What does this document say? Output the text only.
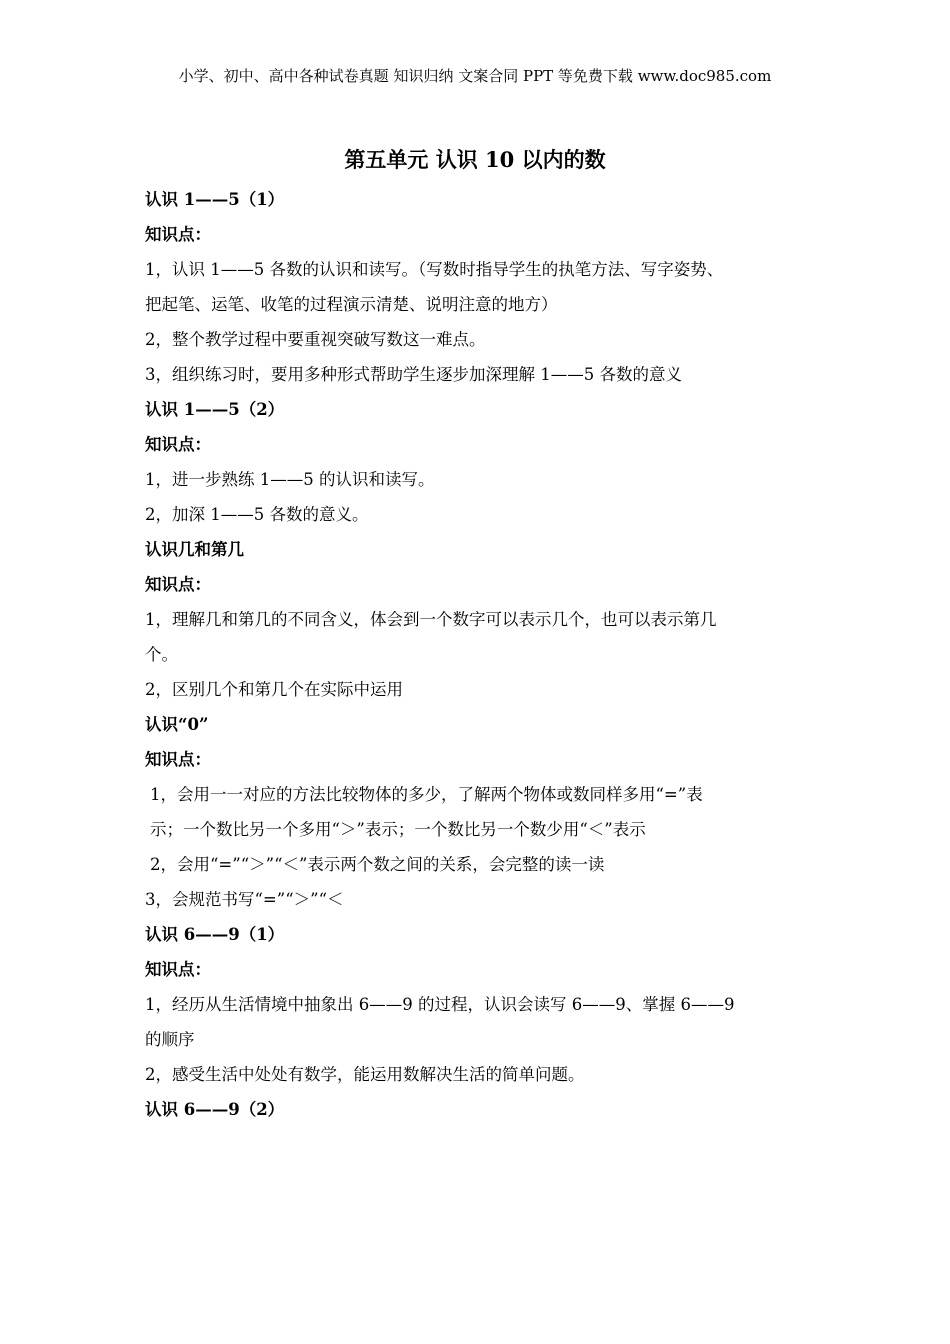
小学、初中、高中各种试卷真题 知识归纳 文案合同 PPT 等免费下载 www.doc985.com
第五单元 认识 10 以内的数
认识 1——5（1）
知识点：
1，认识 1——5 各数的认识和读写。（写数时指导学生的执笔方法、写字姿势、
把起笔、运笔、收笔的过程演示清楚、说明注意的地方）
2，整个教学过程中要重视突破写数这一难点。
3，组织练习时，要用多种形式帮助学生逐步加深理解 1——5 各数的意义
认识 1——5（2）
知识点：
1，进一步熟练 1——5 的认识和读写。
2，加深 1——5 各数的意义。
认识几和第几
知识点：
1，理解几和第几的不同含义，体会到一个数字可以表示几个，也可以表示第几
个。
2，区别几个和第几个在实际中运用
认识“0”
知识点：
1，会用一一对应的方法比较物体的多少，了解两个物体或数同样多用“=”表
示；一个数比另一个多用“＞”表示；一个数比另一个数少用“＜”表示
2，会用“=”“＞”“＜”表示两个数之间的关系，会完整的读一读
3，会规范书写“=”“＞”“＜
认识 6——9（1）
知识点：
1，经历从生活情境中抽象出 6——9 的过程，认识会读写 6——9、掌握 6——9
的顺序
2，感受生活中处处有数学，能运用数解决生活的简单问题。
认识 6——9（2）
